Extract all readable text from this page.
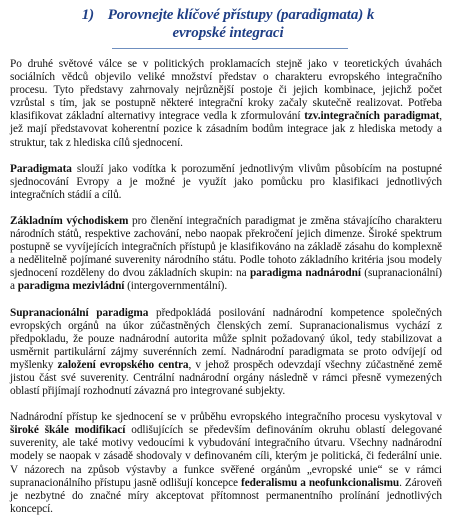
1) Porovnejte klíčové přístupy (paradigmata) k
evropské integraci

Po druhé světové válce se v politických proklamacích stejně jako v teoretických úvahách sociálních vědců objevilo veliké množství představ o charakteru evropského integračního procesu. Tyto představy zahrnovaly nejrůznější postoje či jejich kombinace, jejichž počet vzrůstal s tím, jak se postupně některé integrační kroky začaly skutečně realizovat. Potřeba klasifikovat základní alternativy integrace vedla k zformulování tzv.integračních paradigmat, jež mají představovat koherentní pozice k zásadním bodům integrace jak z hlediska metody a struktur, tak z hlediska cílů sjednocení.

Paradigmata slouží jako vodítka k porozumění jednotlivým vlivům působícím na postupné sjednocování Evropy a je možné je využít jako pomůcku pro klasifikaci jednotlivých integračních stádií a cílů.

Základním východiskem pro členění integračních paradigmat je změna stávajícího charakteru národních států, respektive zachování, nebo naopak překročení jejich dimenze. Široké spektrum postupně se vyvíjejících integračních přístupů je klasifikováno na základě zásahu do komplexně a nedělitelně pojímané suverenity národního státu. Podle tohoto základního kritéria jsou modely sjednocení rozděleny do dvou základních skupin: na paradigma nadnárodní (supranacionální) a paradigma mezivládní (intergovernmentální).

Supranacionální paradigma předpokládá posilování nadnárodní kompetence společných evropských orgánů na úkor zúčastněných členských zemí. Supranacionalismus vychází z předpokladu, že pouze nadnárodní autorita může splnit požadovaný úkol, tedy stabilizovat a usměrnit partikulární zájmy suverénních zemí. Nadnárodní paradigmata se proto odvíjejí od myšlenky založení evropského centra, v jehož prospěch odevzdají všechny zúčastněné země jistou část své suverenity. Centrální nadnárodní orgány následně v rámci přesně vymezených oblastí přijímají rozhodnutí závazná pro integrované subjekty.

Nadnárodní přístup ke sjednocení se v průběhu evropského integračního procesu vyskytoval v široké škále modifikací odlišujících se především definováním okruhu oblastí delegované suverenity, ale také motivy vedoucími k vybudování integračního útvaru. Všechny nadnárodní modely se naopak v zásadě shodovaly v definovaném cíli, kterým je politická, či federální unie. V názorech na způsob výstavby a funkce svěřené orgánům „evropské unie“ se v rámci supranacionálního přístupu jasně odlišují koncepce federalismu a neofunkcionalismu. Zároveň je nezbytné do značné míry akceptovat přítomnost permanentního prolínání jednotlivých koncepcí.
